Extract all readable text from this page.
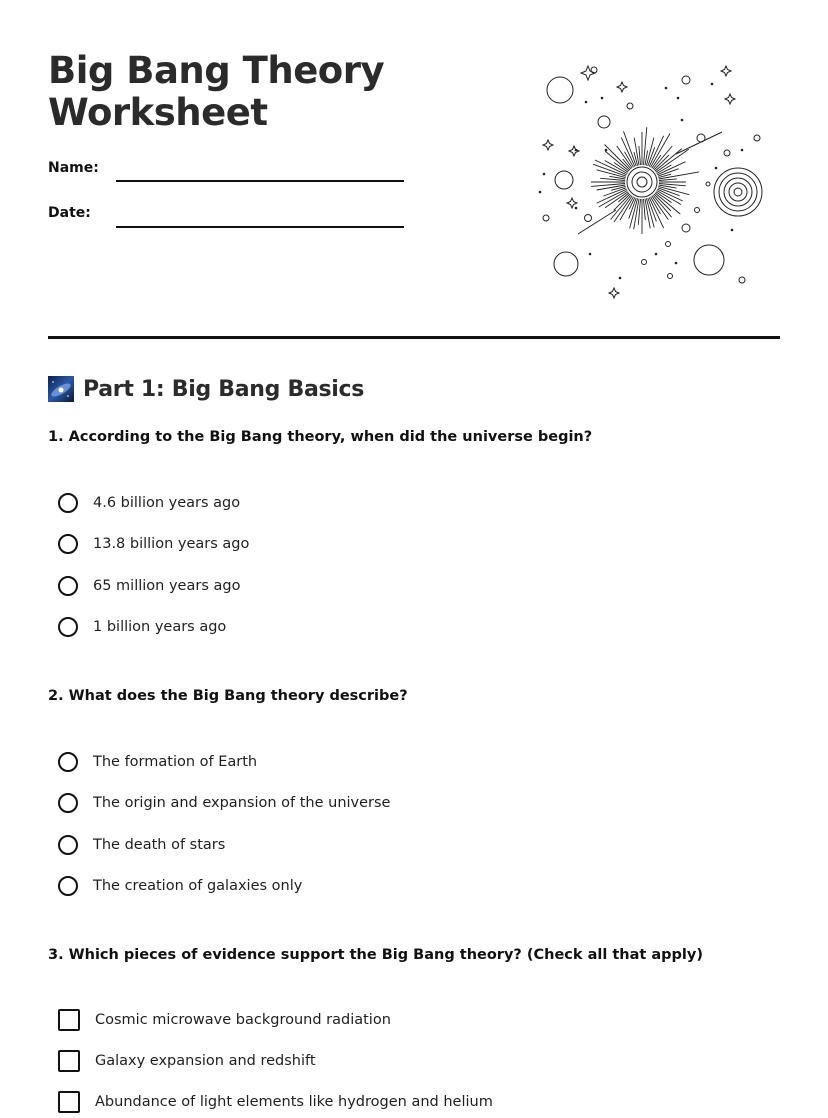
Big Bang Theory
Worksheet
Name:
Date:
Part 1: Big Bang Basics

1. According to the Big Bang theory, when did the universe begin?

4.6 billion years ago
13.8 billion years ago
65 million years ago
1 billion years ago

2. What does the Big Bang theory describe?

The formation of Earth
The origin and expansion of the universe
The death of stars
The creation of galaxies only

3. Which pieces of evidence support the Big Bang theory? (Check all that apply)

Cosmic microwave background radiation
Galaxy expansion and redshift
Abundance of light elements like hydrogen and helium
